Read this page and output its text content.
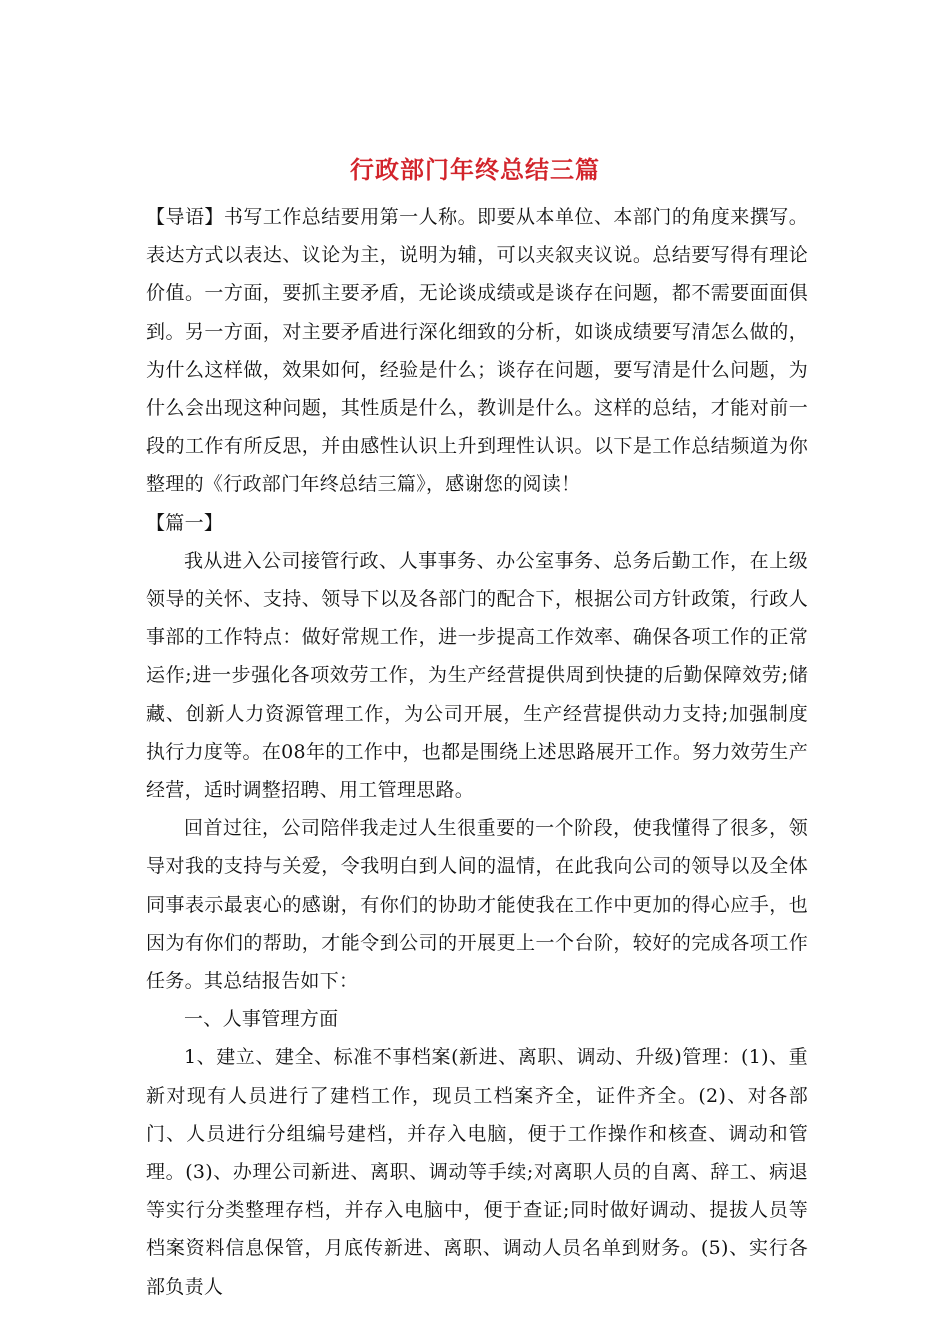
行政部门年终总结三篇

【导语】书写工作总结要用第一人称。即要从本单位、本部门的角度来撰写。表达方式以表达、议论为主，说明为辅，可以夹叙夹议说。总结要写得有理论价值。一方面，要抓主要矛盾，无论谈成绩或是谈存在问题，都不需要面面俱到。另一方面，对主要矛盾进行深化细致的分析，如谈成绩要写清怎么做的，为什么这样做，效果如何，经验是什么；谈存在问题，要写清是什么问题，为什么会出现这种问题，其性质是什么，教训是什么。这样的总结，才能对前一段的工作有所反思，并由感性认识上升到理性认识。以下是工作总结频道为你整理的《行政部门年终总结三篇》，感谢您的阅读！

【篇一】

我从进入公司接管行政、人事事务、办公室事务、总务后勤工作，在上级领导的关怀、支持、领导下以及各部门的配合下，根据公司方针政策，行政人事部的工作特点：做好常规工作，进一步提高工作效率、确保各项工作的正常运作;进一步强化各项效劳工作，为生产经营提供周到快捷的后勤保障效劳;储藏、创新人力资源管理工作，为公司开展，生产经营提供动力支持;加强制度执行力度等。在08年的工作中，也都是围绕上述思路展开工作。努力效劳生产经营，适时调整招聘、用工管理思路。

回首过往，公司陪伴我走过人生很重要的一个阶段，使我懂得了很多，领导对我的支持与关爱，令我明白到人间的温情，在此我向公司的领导以及全体同事表示最衷心的感谢，有你们的协助才能使我在工作中更加的得心应手，也因为有你们的帮助，才能令到公司的开展更上一个台阶，较好的完成各项工作任务。其总结报告如下：

一、人事管理方面

1、建立、建全、标准不事档案(新进、离职、调动、升级)管理：(1)、重新对现有人员进行了建档工作，现员工档案齐全，证件齐全。(2)、对各部门、人员进行分组编号建档，并存入电脑，便于工作操作和核查、调动和管理。(3)、办理公司新进、离职、调动等手续;对离职人员的自离、辞工、病退等实行分类整理存档，并存入电脑中，便于查证;同时做好调动、提拔人员等档案资料信息保管，月底传新进、离职、调动人员名单到财务。(5)、实行各部负责人
